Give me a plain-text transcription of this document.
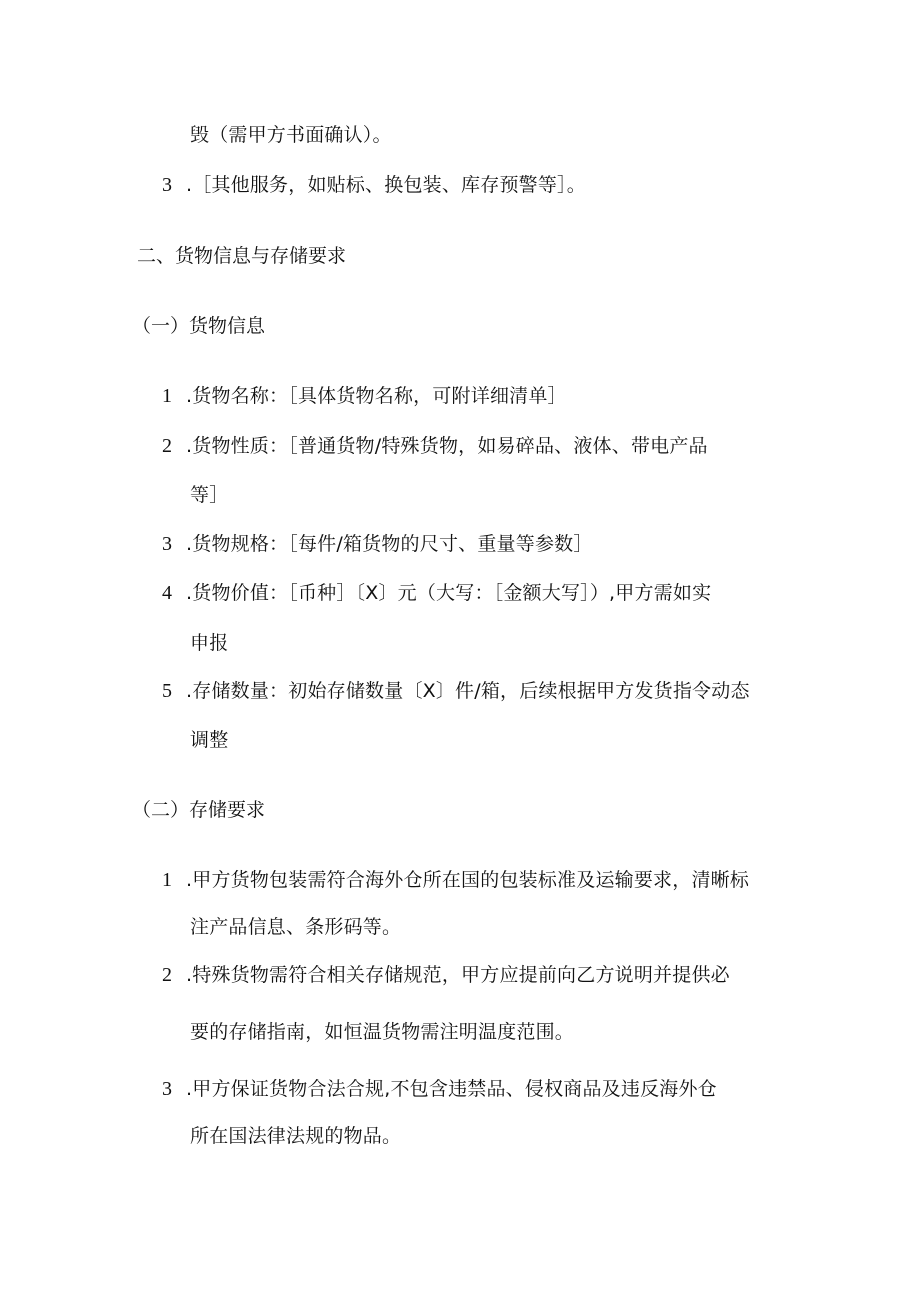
毁（需甲方书面确认）。
3 .［其他服务，如贴标、换包装、库存预警等］。
二、货物信息与存储要求
（一）货物信息
1 .货物名称：［具体货物名称，可附详细清单］
2 .货物性质：［普通货物/特殊货物，如易碎品、液体、带电产品
等］
3 .货物规格：［每件/箱货物的尺寸、重量等参数］
4 .货物价值：［币种］〔X〕元（大写：［金额大写］）,甲方需如实
申报
5 .存储数量：初始存储数量〔X〕件/箱，后续根据甲方发货指令动态
调整
（二）存储要求
1 .甲方货物包装需符合海外仓所在国的包装标准及运输要求，清晰标
注产品信息、条形码等。
2 .特殊货物需符合相关存储规范，甲方应提前向乙方说明并提供必
要的存储指南，如恒温货物需注明温度范围。
3 .甲方保证货物合法合规,不包含违禁品、侵权商品及违反海外仓
所在国法律法规的物品。
